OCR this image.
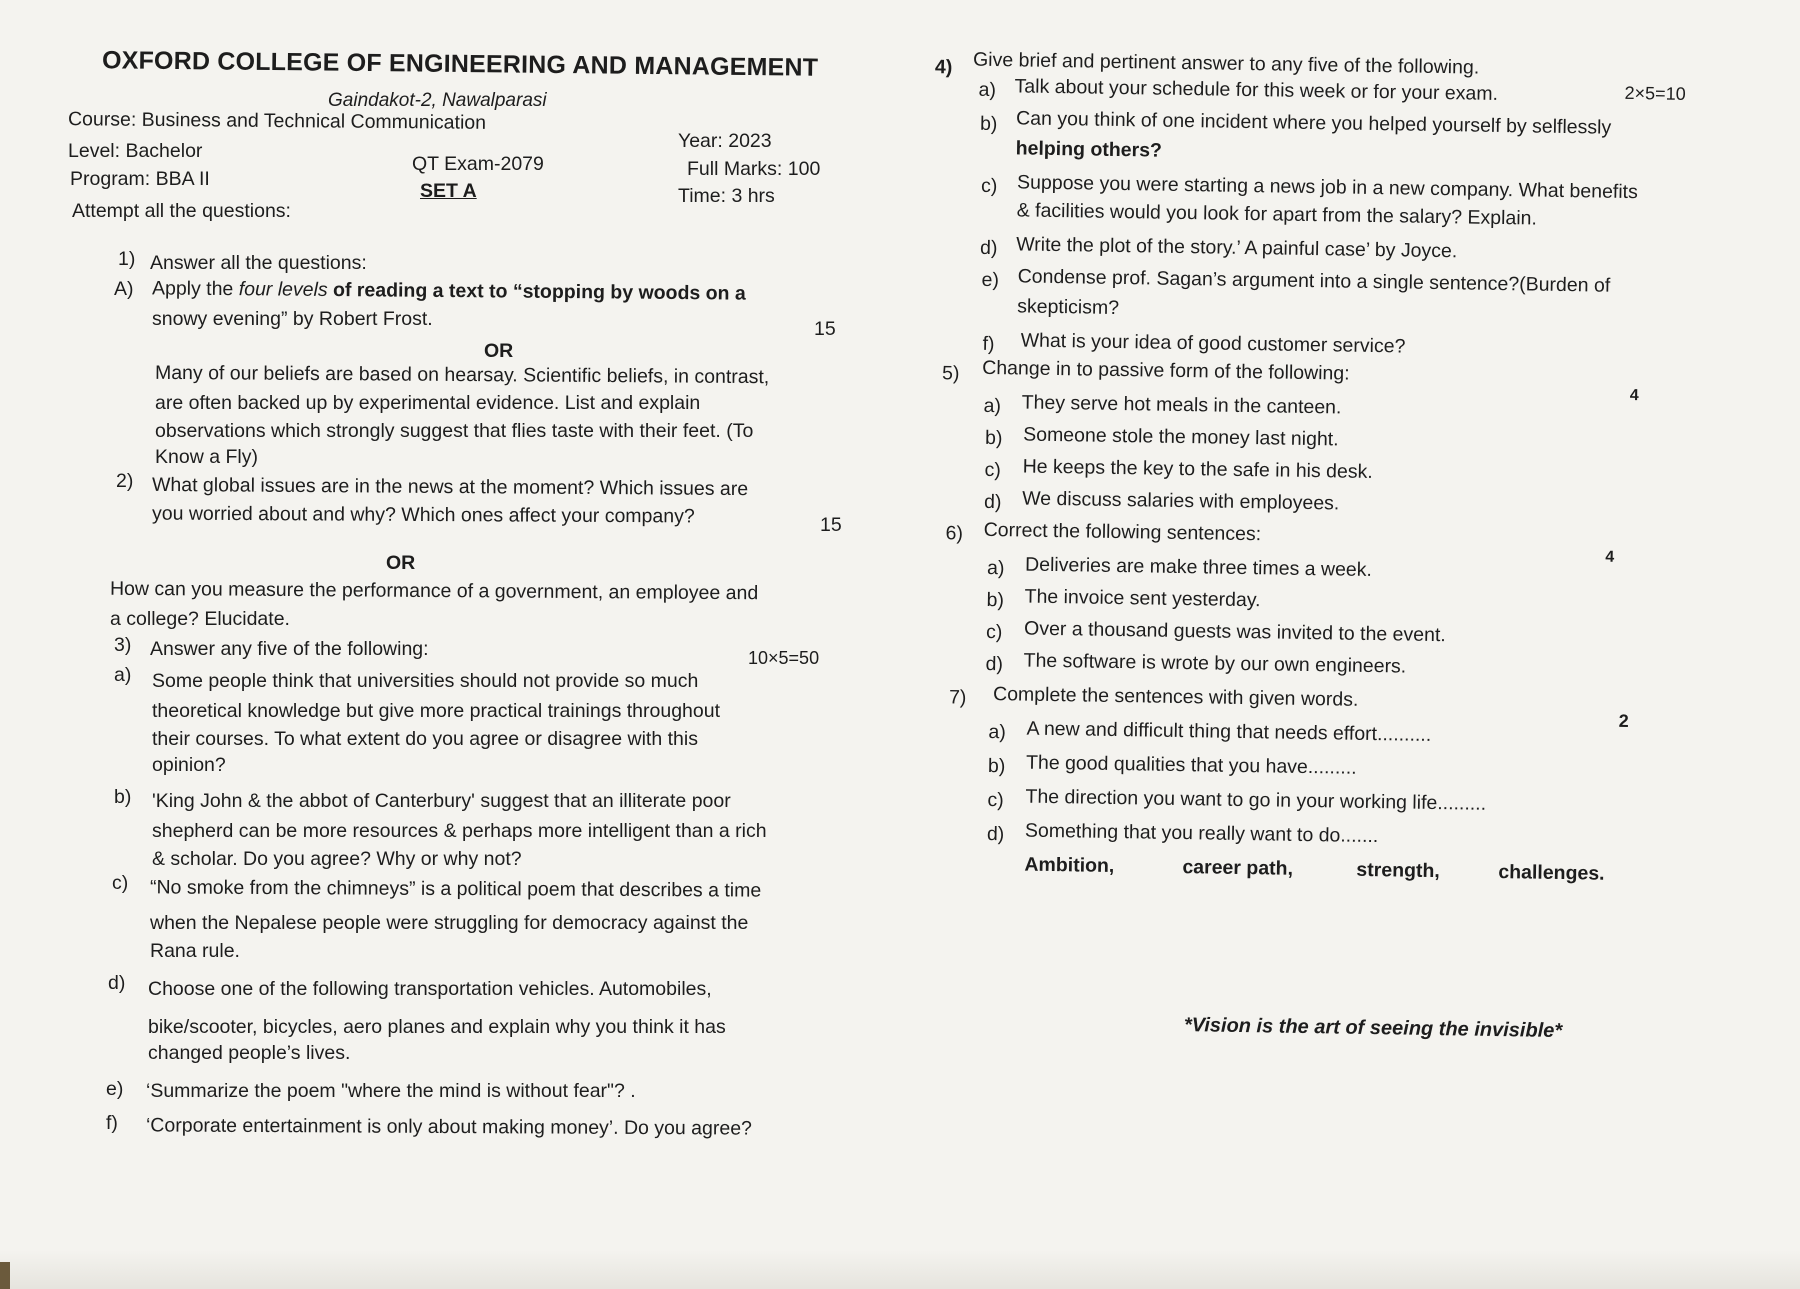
OXFORD COLLEGE OF ENGINEERING AND MANAGEMENT
Gaindakot-2, Nawalparasi
Course: Business and Technical Communication
Level: Bachelor
Program: BBA II
Attempt all the questions:
QT Exam-2079
SET A
Year: 2023
Full Marks: 100
Time: 3 hrs
1) Answer all the questions:
A) Apply the four levels of reading a text to “stopping by woods on a
snowy evening” by Robert Frost.	15
OR
Many of our beliefs are based on hearsay. Scientific beliefs, in contrast,
are often backed up by experimental evidence. List and explain
observations which strongly suggest that flies taste with their feet. (To
Know a Fly)
2) What global issues are in the news at the moment? Which issues are
you worried about and why? Which ones affect your company?	15
OR
How can you measure the performance of a government, an employee and
a college? Elucidate.
3) Answer any five of the following:	10×5=50
a) Some people think that universities should not provide so much
theoretical knowledge but give more practical trainings throughout
their courses. To what extent do you agree or disagree with this
opinion?
b) 'King John & the abbot of Canterbury' suggest that an illiterate poor
shepherd can be more resources & perhaps more intelligent than a rich
& scholar. Do you agree? Why or why not?
c) “No smoke from the chimneys” is a political poem that describes a time
when the Nepalese people were struggling for democracy against the
Rana rule.
d) Choose one of the following transportation vehicles. Automobiles,
bike/scooter, bicycles, aero planes and explain why you think it has
changed people’s lives.
e) ‘Summarize the poem "where the mind is without fear"? .
f) ‘Corporate entertainment is only about making money’. Do you agree?
4) Give brief and pertinent answer to any five of the following.
2×5=10
a) Talk about your schedule for this week or for your exam.
b) Can you think of one incident where you helped yourself by selflessly
helping others?
c) Suppose you were starting a news job in a new company. What benefits
& facilities would you look for apart from the salary? Explain.
d) Write the plot of the story.’ A painful case’ by Joyce.
e) Condense prof. Sagan’s argument into a single sentence?(Burden of
skepticism?
f) What is your idea of good customer service?
5) Change in to passive form of the following:
4
a) They serve hot meals in the canteen.
b) Someone stole the money last night.
c) He keeps the key to the safe in his desk.
d) We discuss salaries with employees.
6) Correct the following sentences:
4
a) Deliveries are make three times a week.
b) The invoice sent yesterday.
c) Over a thousand guests was invited to the event.
d) The software is wrote by our own engineers.
7) Complete the sentences with given words.
2
a) A new and difficult thing that needs effort..........
b) The good qualities that you have.........
c) The direction you want to go in your working life.........
d) Something that you really want to do.......
Ambition,	career path,	strength,	challenges.
*Vision is the art of seeing the invisible*
